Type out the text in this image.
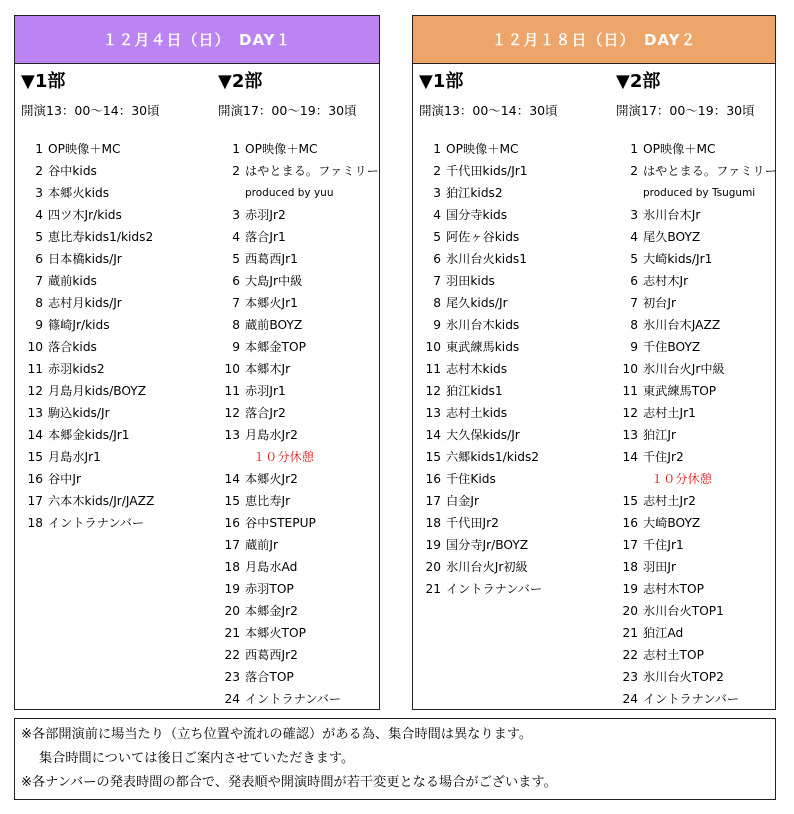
１２月４日（日）　DAY１
▼1部
開演13：00～14：30頃
1 OP映像＋MC
2 谷中kids
3 本郷火kids
4 四ツ木Jr/kids
5 恵比寿kids1/kids2
6 日本橋kids/Jr
7 蔵前kids
8 志村月kids/Jr
9 篠崎Jr/kids
10 落合kids
11 赤羽kids2
12 月島月kids/BOYZ
13 駒込kids/Jr
14 本郷金kids/Jr1
15 月島水Jr1
16 谷中Jr
17 六本木kids/Jr/JAZZ
18 イントラナンバー
▼2部
開演17：00～19：30頃
1 OP映像＋MC
2 はやとまる。ファミリー
produced by yuu
3 赤羽Jr2
4 落合Jr1
5 西葛西Jr1
6 大島Jr中級
7 本郷火Jr1
8 蔵前BOYZ
9 本郷金TOP
10 本郷木Jr
11 赤羽Jr1
12 落合Jr2
13 月島水Jr2
１０分休憩
14 本郷火Jr2
15 恵比寿Jr
16 谷中STEPUP
17 蔵前Jr
18 月島水Ad
19 赤羽TOP
20 本郷金Jr2
21 本郷火TOP
22 西葛西Jr2
23 落合TOP
24 イントラナンバー
１２月１８日（日）　DAY２
▼1部
開演13：00～14：30頃
1 OP映像＋MC
2 千代田kids/Jr1
3 狛江kids2
4 国分寺kids
5 阿佐ヶ谷kids
6 氷川台火kids1
7 羽田kids
8 尾久kids/Jr
9 氷川台木kids
10 東武練馬kids
11 志村木kids
12 狛江kids1
13 志村土kids
14 大久保kids/Jr
15 六郷kids1/kids2
16 千住Kids
17 白金Jr
18 千代田Jr2
19 国分寺Jr/BOYZ
20 氷川台火Jr初級
21 イントラナンバー
▼2部
開演17：00～19：30頃
1 OP映像＋MC
2 はやとまる。ファミリー
produced by Tsugumi
3 氷川台木Jr
4 尾久BOYZ
5 大崎kids/Jr1
6 志村木Jr
7 初台Jr
8 氷川台木JAZZ
9 千住BOYZ
10 氷川台火Jr中級
11 東武練馬TOP
12 志村土Jr1
13 狛江Jr
14 千住Jr2
１０分休憩
15 志村土Jr2
16 大崎BOYZ
17 千住Jr1
18 羽田Jr
19 志村木TOP
20 氷川台火TOP1
21 狛江Ad
22 志村土TOP
23 氷川台火TOP2
24 イントラナンバー
※各部開演前に場当たり（立ち位置や流れの確認）がある為、集合時間は異なります。
集合時間については後日ご案内させていただきます。
※各ナンバーの発表時間の都合で、発表順や開演時間が若干変更となる場合がございます。
